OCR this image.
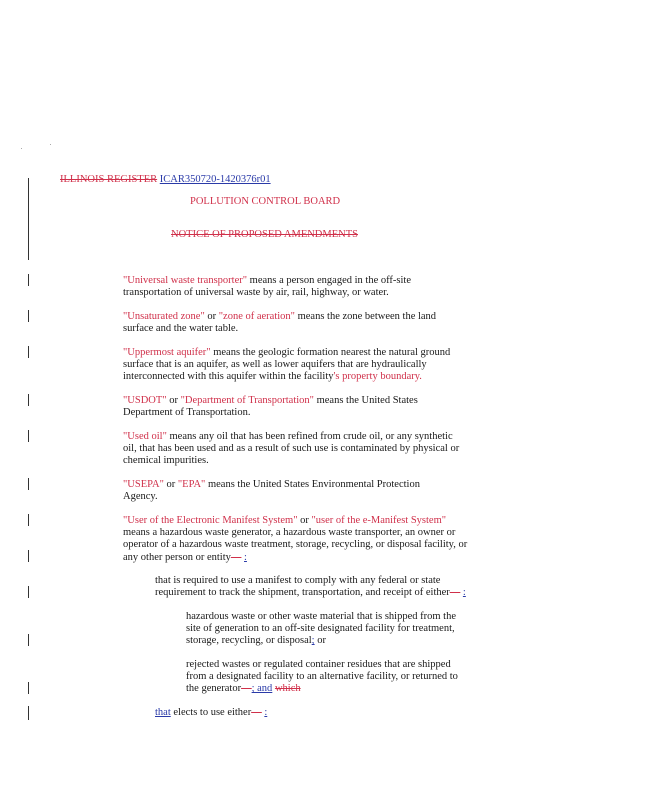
ILLINOIS REGISTER ICAR350720-1420376r01
POLLUTION CONTROL BOARD
NOTICE OF PROPOSED AMENDMENTS
"Universal waste transporter" means a person engaged in the off-site
transportation of universal waste by air, rail, highway, or water.
"Unsaturated zone" or "zone of aeration" means the zone between the land
surface and the water table.
"Uppermost aquifer" means the geologic formation nearest the natural ground
surface that is an aquifer, as well as lower aquifers that are hydraulically
interconnected with this aquifer within the facility's property boundary.
"USDOT" or "Department of Transportation" means the United States
Department of Transportation.
"Used oil" means any oil that has been refined from crude oil, or any synthetic
oil, that has been used and as a result of such use is contaminated by physical or
chemical impurities.
"USEPA" or "EPA" means the United States Environmental Protection
Agency.
"User of the Electronic Manifest System" or "user of the e-Manifest System"
means a hazardous waste generator, a hazardous waste transporter, an owner or
operator of a hazardous waste treatment, storage, recycling, or disposal facility, or
any other person or entity— :
that is required to use a manifest to comply with any federal or state
requirement to track the shipment, transportation, and receipt of either— :
hazardous waste or other waste material that is shipped from the
site of generation to an off-site designated facility for treatment,
storage, recycling, or disposal; or
rejected wastes or regulated container residues that are shipped
from a designated facility to an alternative facility, or returned to
the generator—; and which
that elects to use either— :
